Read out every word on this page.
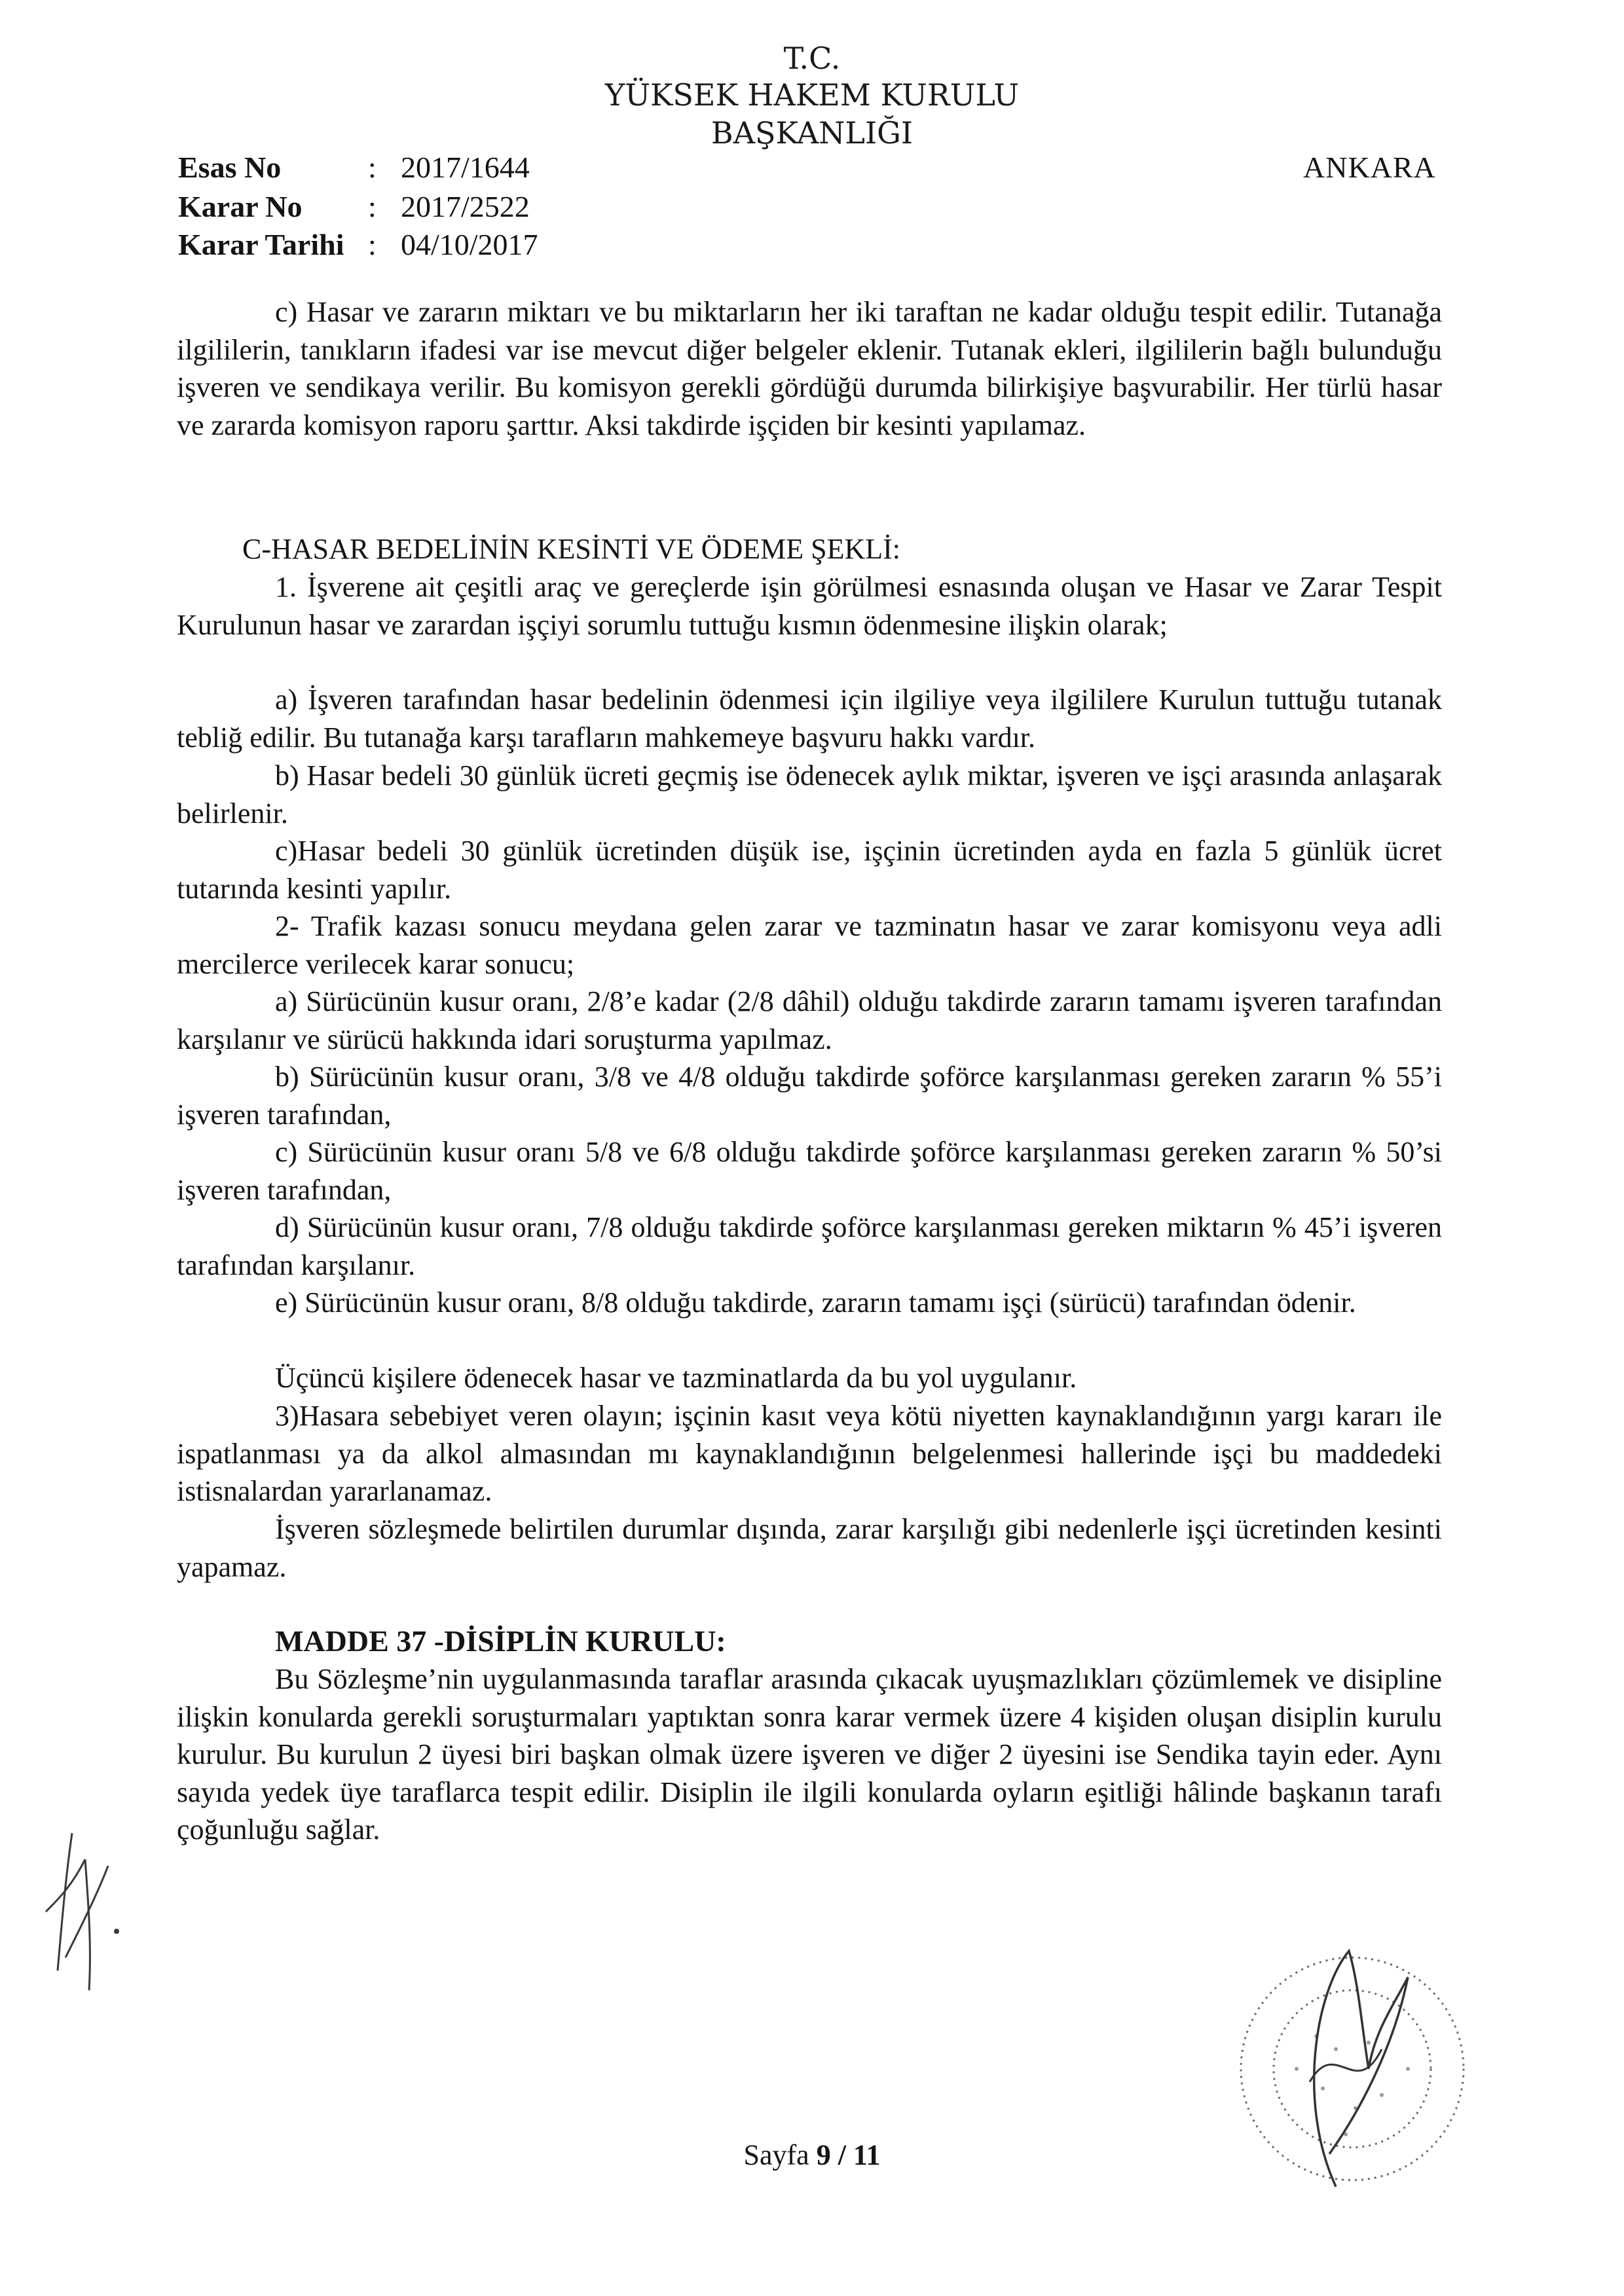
T.C.
YÜKSEK HAKEM KURULU
BAŞKANLIĞI
Esas No	: 2017/1644
Karar No : 2017/2522
Karar Tarihi : 04/10/2017
ANKARA

c) Hasar ve zararın miktarı ve bu miktarların her iki taraftan ne kadar olduğu tespit edilir. Tutanağa ilgililerin, tanıkların ifadesi var ise mevcut diğer belgeler eklenir. Tutanak ekleri, ilgililerin bağlı bulunduğu işveren ve sendikaya verilir. Bu komisyon gerekli gördüğü durumda bilirkişiye başvurabilir. Her türlü hasar ve zararda komisyon raporu şarttır. Aksi takdirde işçiden bir kesinti yapılamaz.

C-HASAR BEDELİNİN KESİNTİ VE ÖDEME ŞEKLİ:

1. İşverene ait çeşitli araç ve gereçlerde işin görülmesi esnasında oluşan ve Hasar ve Zarar Tespit Kurulunun hasar ve zarardan işçiyi sorumlu tuttuğu kısmın ödenmesine ilişkin olarak;

a) İşveren tarafından hasar bedelinin ödenmesi için ilgiliye veya ilgililere Kurulun tuttuğu tutanak tebliğ edilir. Bu tutanağa karşı tarafların mahkemeye başvuru hakkı vardır.

b) Hasar bedeli 30 günlük ücreti geçmiş ise ödenecek aylık miktar, işveren ve işçi arasında anlaşarak belirlenir.

c)Hasar bedeli 30 günlük ücretinden düşük ise, işçinin ücretinden ayda en fazla 5 günlük ücret tutarında kesinti yapılır.

2- Trafik kazası sonucu meydana gelen zarar ve tazminatın hasar ve zarar komisyonu veya adli mercilerce verilecek karar sonucu;

a) Sürücünün kusur oranı, 2/8’e kadar (2/8 dâhil) olduğu takdirde zararın tamamı işveren tarafından karşılanır ve sürücü hakkında idari soruşturma yapılmaz.

b) Sürücünün kusur oranı, 3/8 ve 4/8 olduğu takdirde şoförce karşılanması gereken zararın % 55’i işveren tarafından,

c) Sürücünün kusur oranı 5/8 ve 6/8 olduğu takdirde şoförce karşılanması gereken zararın % 50’si işveren tarafından,

d) Sürücünün kusur oranı, 7/8 olduğu takdirde şoförce karşılanması gereken miktarın % 45’i işveren tarafından karşılanır.

e) Sürücünün kusur oranı, 8/8 olduğu takdirde, zararın tamamı işçi (sürücü) tarafından ödenir.

Üçüncü kişilere ödenecek hasar ve tazminatlarda da bu yol uygulanır.

3)Hasara sebebiyet veren olayın; işçinin kasıt veya kötü niyetten kaynaklandığının yargı kararı ile ispatlanması ya da alkol almasından mı kaynaklandığının belgelenmesi hallerinde işçi bu maddedeki istisnalardan yararlanamaz.

İşveren sözleşmede belirtilen durumlar dışında, zarar karşılığı gibi nedenlerle işçi ücretinden kesinti yapamaz.

MADDE 37 -DİSİPLİN KURULU:

Bu Sözleşme’nin uygulanmasında taraflar arasında çıkacak uyuşmazlıkları çözümlemek ve disipline ilişkin konularda gerekli soruşturmaları yaptıktan sonra karar vermek üzere 4 kişiden oluşan disiplin kurulu kurulur. Bu kurulun 2 üyesi biri başkan olmak üzere işveren ve diğer 2 üyesini ise Sendika tayin eder. Aynı sayıda yedek üye taraflarca tespit edilir. Disiplin ile ilgili konularda oyların eşitliği hâlinde başkanın tarafı çoğunluğu sağlar.

Sayfa 9 / 11
